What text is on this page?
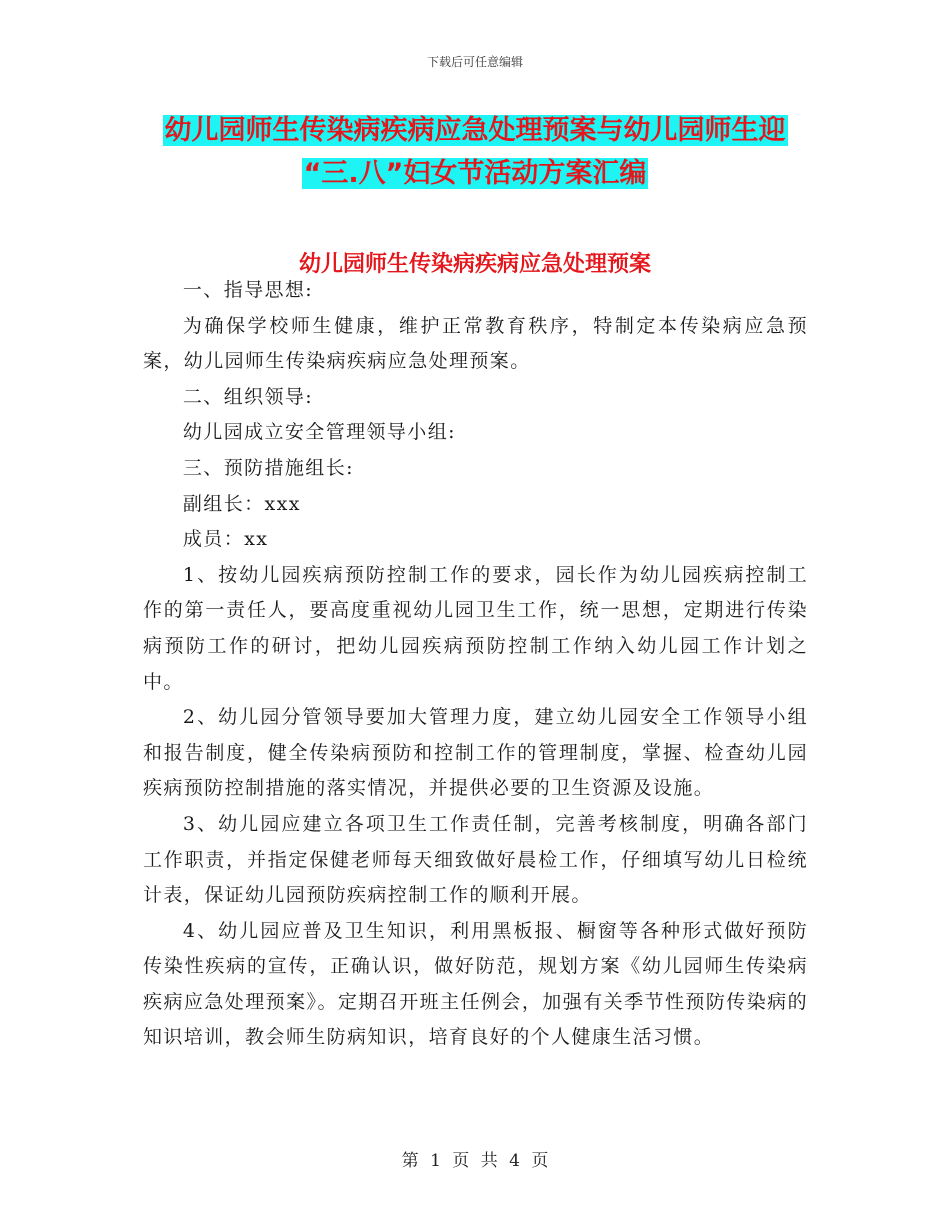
下载后可任意编辑
幼儿园师生传染病疾病应急处理预案与幼儿园师生迎
“三.八”妇女节活动方案汇编
幼儿园师生传染病疾病应急处理预案

一、指导思想:

为确保学校师生健康，维护正常教育秩序，特制定本传染病应急预案，幼儿园师生传染病疾病应急处理预案。

二、组织领导:

幼儿园成立安全管理领导小组:

三、预防措施组长:

副组长：xxx

成员：xx

1、按幼儿园疾病预防控制工作的要求，园长作为幼儿园疾病控制工作的第一责任人，要高度重视幼儿园卫生工作，统一思想，定期进行传染病预防工作的研讨，把幼儿园疾病预防控制工作纳入幼儿园工作计划之中。

2、幼儿园分管领导要加大管理力度，建立幼儿园安全工作领导小组和报告制度，健全传染病预防和控制工作的管理制度，掌握、检查幼儿园疾病预防控制措施的落实情况，并提供必要的卫生资源及设施。

3、幼儿园应建立各项卫生工作责任制，完善考核制度，明确各部门工作职责，并指定保健老师每天细致做好晨检工作，仔细填写幼儿日检统计表，保证幼儿园预防疾病控制工作的顺利开展。

4、幼儿园应普及卫生知识，利用黑板报、橱窗等各种形式做好预防传染性疾病的宣传，正确认识，做好防范，规划方案《幼儿园师生传染病疾病应急处理预案》。定期召开班主任例会，加强有关季节性预防传染病的知识培训，教会师生防病知识，培育良好的个人健康生活习惯。

第 1 页 共 4 页
